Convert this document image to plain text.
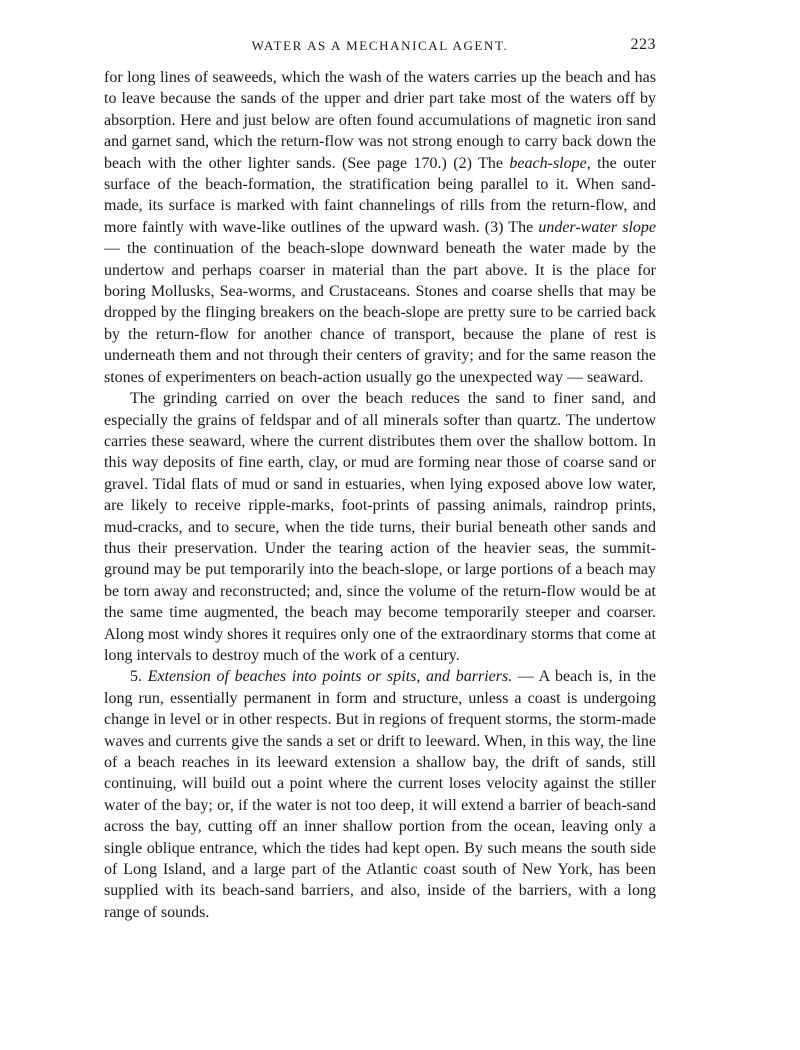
WATER AS A MECHANICAL AGENT.	223

for long lines of seaweeds, which the wash of the waters carries up the beach and has to leave because the sands of the upper and drier part take most of the waters off by absorption. Here and just below are often found accumulations of magnetic iron sand and garnet sand, which the return-flow was not strong enough to carry back down the beach with the other lighter sands. (See page 170.) (2) The beach-slope, the outer surface of the beach-formation, the stratification being parallel to it. When sand-made, its surface is marked with faint channelings of rills from the return-flow, and more faintly with wave-like outlines of the upward wash. (3) The under-water slope — the continuation of the beach-slope downward beneath the water made by the undertow and perhaps coarser in material than the part above. It is the place for boring Mollusks, Sea-worms, and Crustaceans. Stones and coarse shells that may be dropped by the flinging breakers on the beach-slope are pretty sure to be carried back by the return-flow for another chance of transport, because the plane of rest is underneath them and not through their centers of gravity; and for the same reason the stones of experimenters on beach-action usually go the unexpected way — seaward.

The grinding carried on over the beach reduces the sand to finer sand, and especially the grains of feldspar and of all minerals softer than quartz. The undertow carries these seaward, where the current distributes them over the shallow bottom. In this way deposits of fine earth, clay, or mud are forming near those of coarse sand or gravel. Tidal flats of mud or sand in estuaries, when lying exposed above low water, are likely to receive ripple-marks, foot-prints of passing animals, raindrop prints, mud-cracks, and to secure, when the tide turns, their burial beneath other sands and thus their preservation. Under the tearing action of the heavier seas, the summit-ground may be put temporarily into the beach-slope, or large portions of a beach may be torn away and reconstructed; and, since the volume of the return-flow would be at the same time augmented, the beach may become temporarily steeper and coarser. Along most windy shores it requires only one of the extraordinary storms that come at long intervals to destroy much of the work of a century.

5. Extension of beaches into points or spits, and barriers. — A beach is, in the long run, essentially permanent in form and structure, unless a coast is undergoing change in level or in other respects. But in regions of frequent storms, the storm-made waves and currents give the sands a set or drift to leeward. When, in this way, the line of a beach reaches in its leeward extension a shallow bay, the drift of sands, still continuing, will build out a point where the current loses velocity against the stiller water of the bay; or, if the water is not too deep, it will extend a barrier of beach-sand across the bay, cutting off an inner shallow portion from the ocean, leaving only a single oblique entrance, which the tides had kept open. By such means the south side of Long Island, and a large part of the Atlantic coast south of New York, has been supplied with its beach-sand barriers, and also, inside of the barriers, with a long range of sounds.
